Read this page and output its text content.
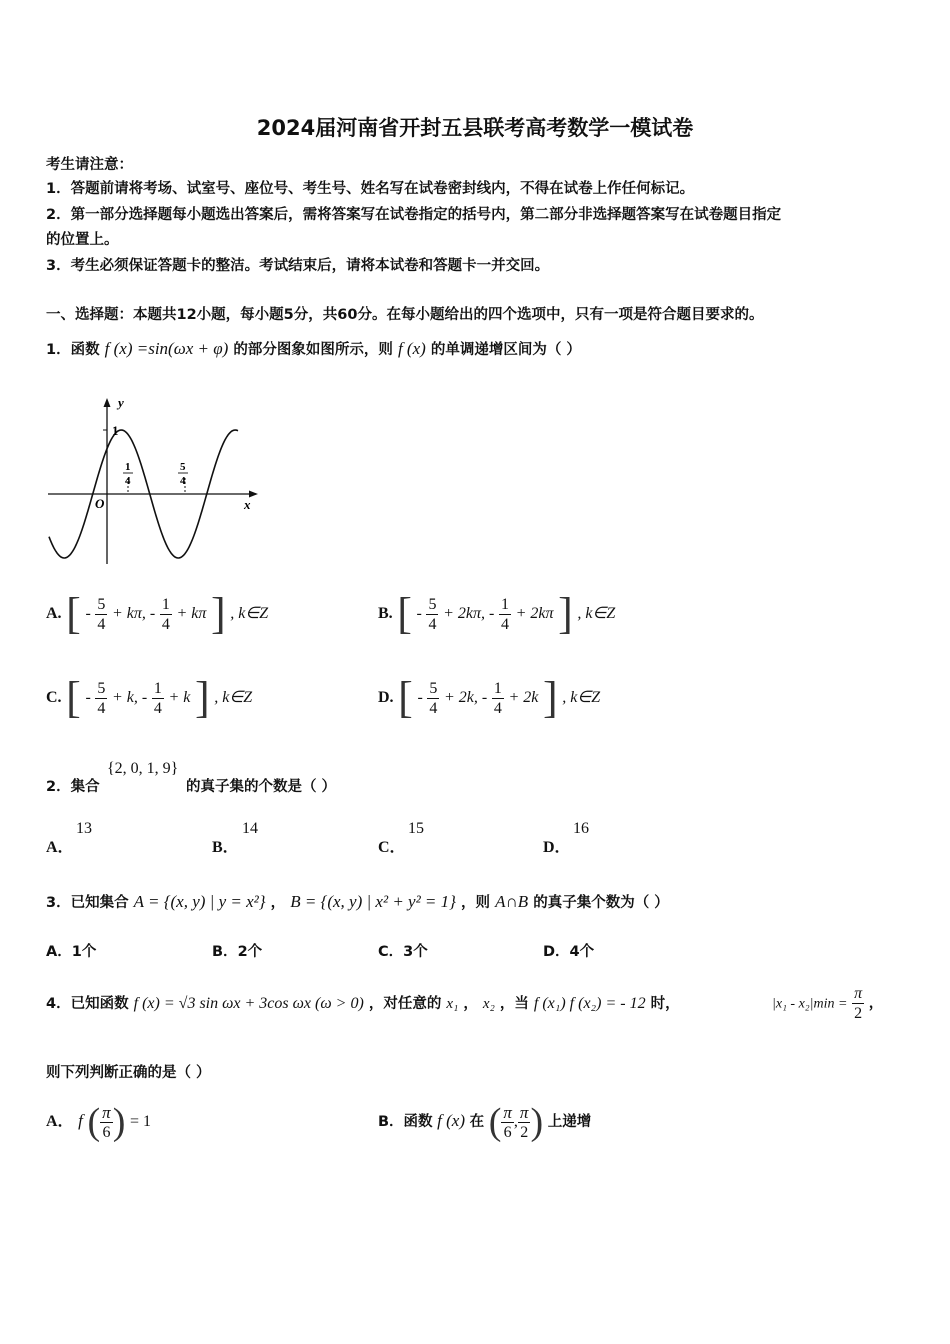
2024届河南省开封五县联考高考数学一模试卷
考生请注意：
1．答题前请将考场、试室号、座位号、考生号、姓名写在试卷密封线内，不得在试卷上作任何标记。
2．第一部分选择题每小题选出答案后，需将答案写在试卷指定的括号内，第二部分非选择题答案写在试卷题目指定
的位置上。
3．考生必须保证答题卡的整洁。考试结束后，请将本试卷和答题卡一并交回。
一、选择题：本题共12小题，每小题5分，共60分。在每小题给出的四个选项中，只有一项是符合题目要求的。
1．函数 f (x) =sin(ωx + φ) 的部分图象如图所示，则 f (x) 的单调递增区间为（ ）
1
y
x
O
1
4
5
4
A. [ - $\frac{5}{4} + k\pi$, - $\frac{1}{4} + k\pi$ ] , k∈Z	B. [ - $\frac{5}{4} + 2k\pi$, - $\frac{1}{4} + 2k\pi$ ] , k∈Z
C. [ - $\frac{5}{4} + k$, - $\frac{1}{4} + k$ ] , k∈Z	D. [ - $\frac{5}{4} + 2k$, - $\frac{1}{4} + 2k$ ] , k∈Z
2．集合
{2, 0, 1, 9}
的真子集的个数是（ ）
A．
13
B．
14
C．
15
D．
16
3．已知集合 A = {(x, y) | y = x²} ， B = {(x, y) | x² + y² = 1} ，则 A∩B 的真子集个数为（ ）
A．1个	B．2个	C．3个	D．4个
4．已知函数 f (x) = √3 sin ωx + 3cos ωx (ω > 0) ，对任意的 x₁ ， x₂ ，当 f (x₁) f (x₂) = - 12 时，	$|x_1 - x_2|\min = \frac{\pi}{2}$ ，
则下列判断正确的是（ ）
A． f ( $\frac{\pi}{6}$ ) = 1	B．函数 f (x) 在 ( $\frac{\pi}{6}$ , $\frac{\pi}{2}$ ) 上递增
